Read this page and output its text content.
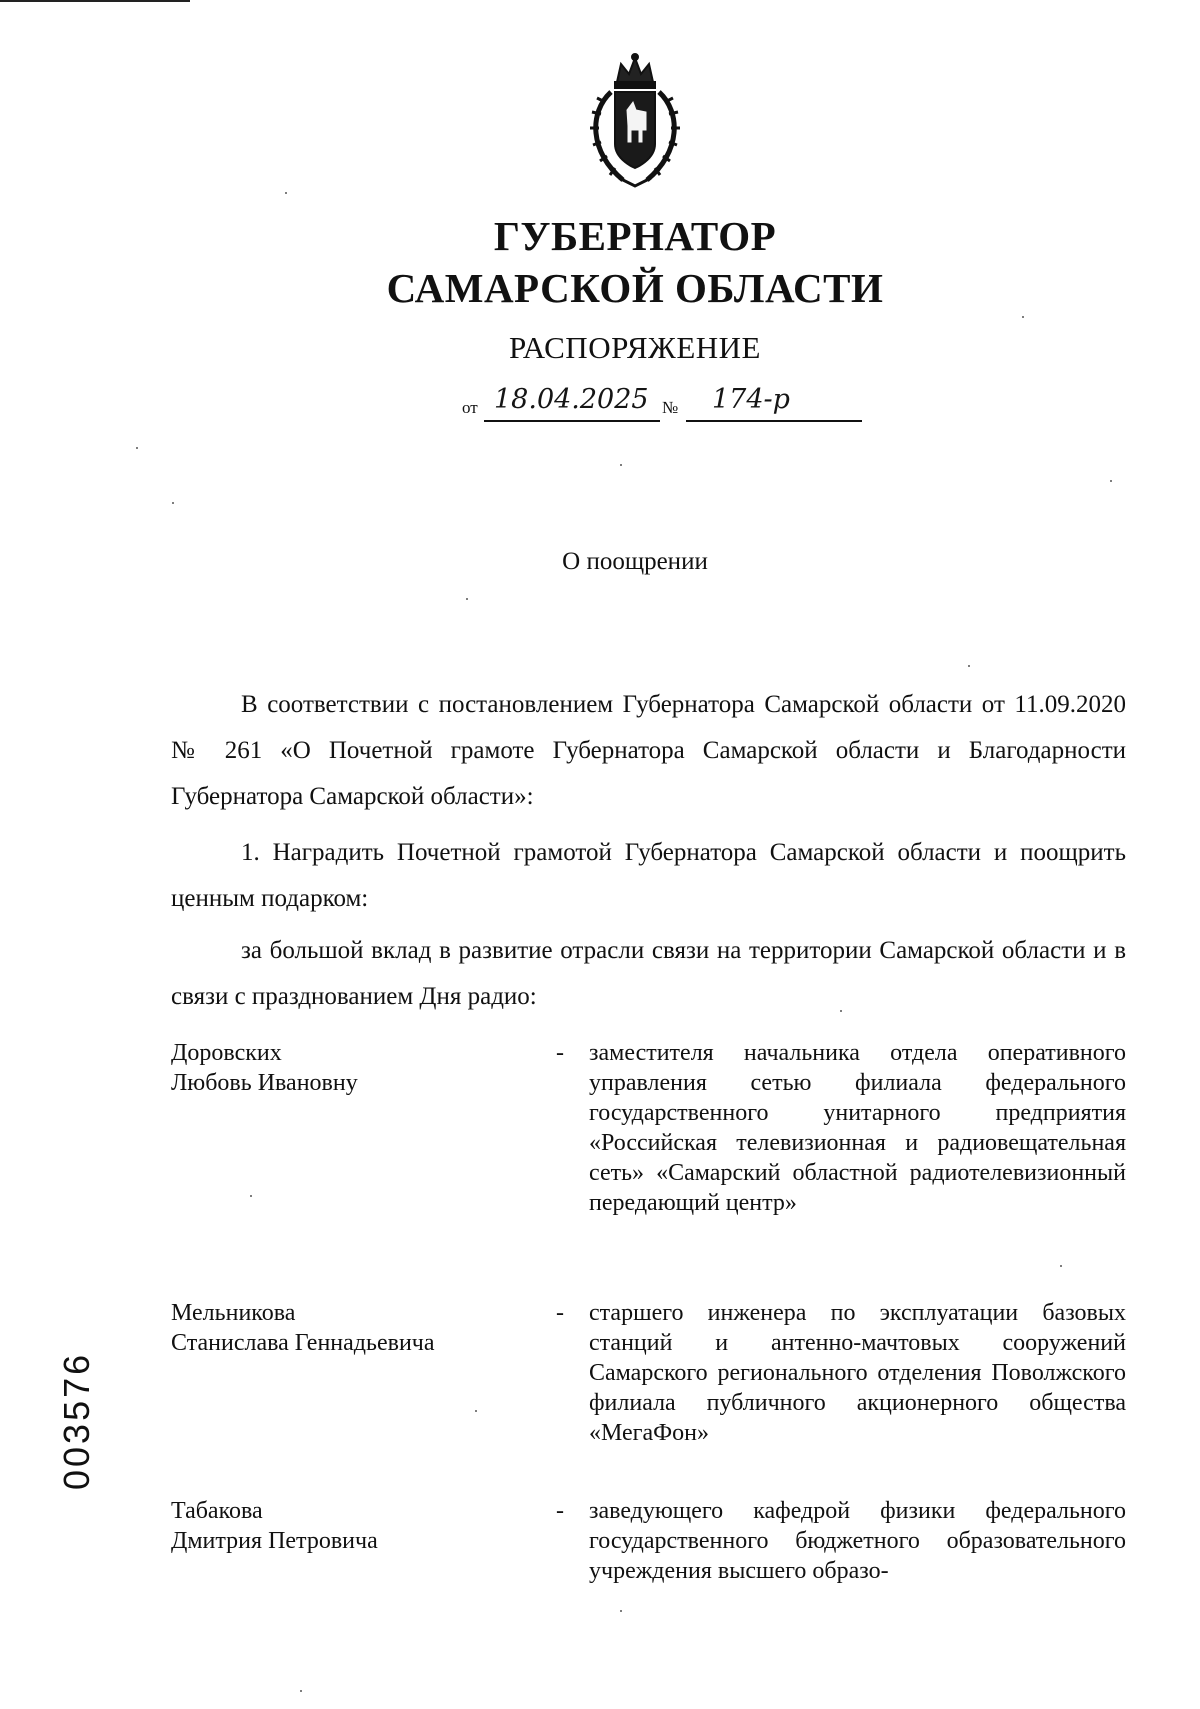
ГУБЕРНАТОР
САМАРСКОЙ ОБЛАСТИ
РАСПОРЯЖЕНИЕ
от 18.04.2025 № 174-р
О поощрении
В соответствии с постановлением Губернатора Самарской области от 11.09.2020 № 261 «О Почетной грамоте Губернатора Самарской области и Благодарности Губернатора Самарской области»:
1. Наградить Почетной грамотой Губернатора Самарской области и поощрить ценным подарком:
за большой вклад в развитие отрасли связи на территории Самарской области и в связи с празднованием Дня радио:
Доровских
Любовь Ивановну
- заместителя начальника отдела оперативного управления сетью филиала федерального государственного унитарного предприятия «Российская телевизионная и радиовещательная сеть» «Самарский областной радиотелевизионный передающий центр»
Мельникова
Станислава Геннадьевича
- старшего инженера по эксплуатации базовых станций и антенно-мачтовых сооружений Самарского регионального отделения Поволжского филиала публичного акционерного общества «МегаФон»
Табакова
Дмитрия Петровича
- заведующего кафедрой физики федерального государственного бюджетного образовательного учреждения высшего образо-
003576
